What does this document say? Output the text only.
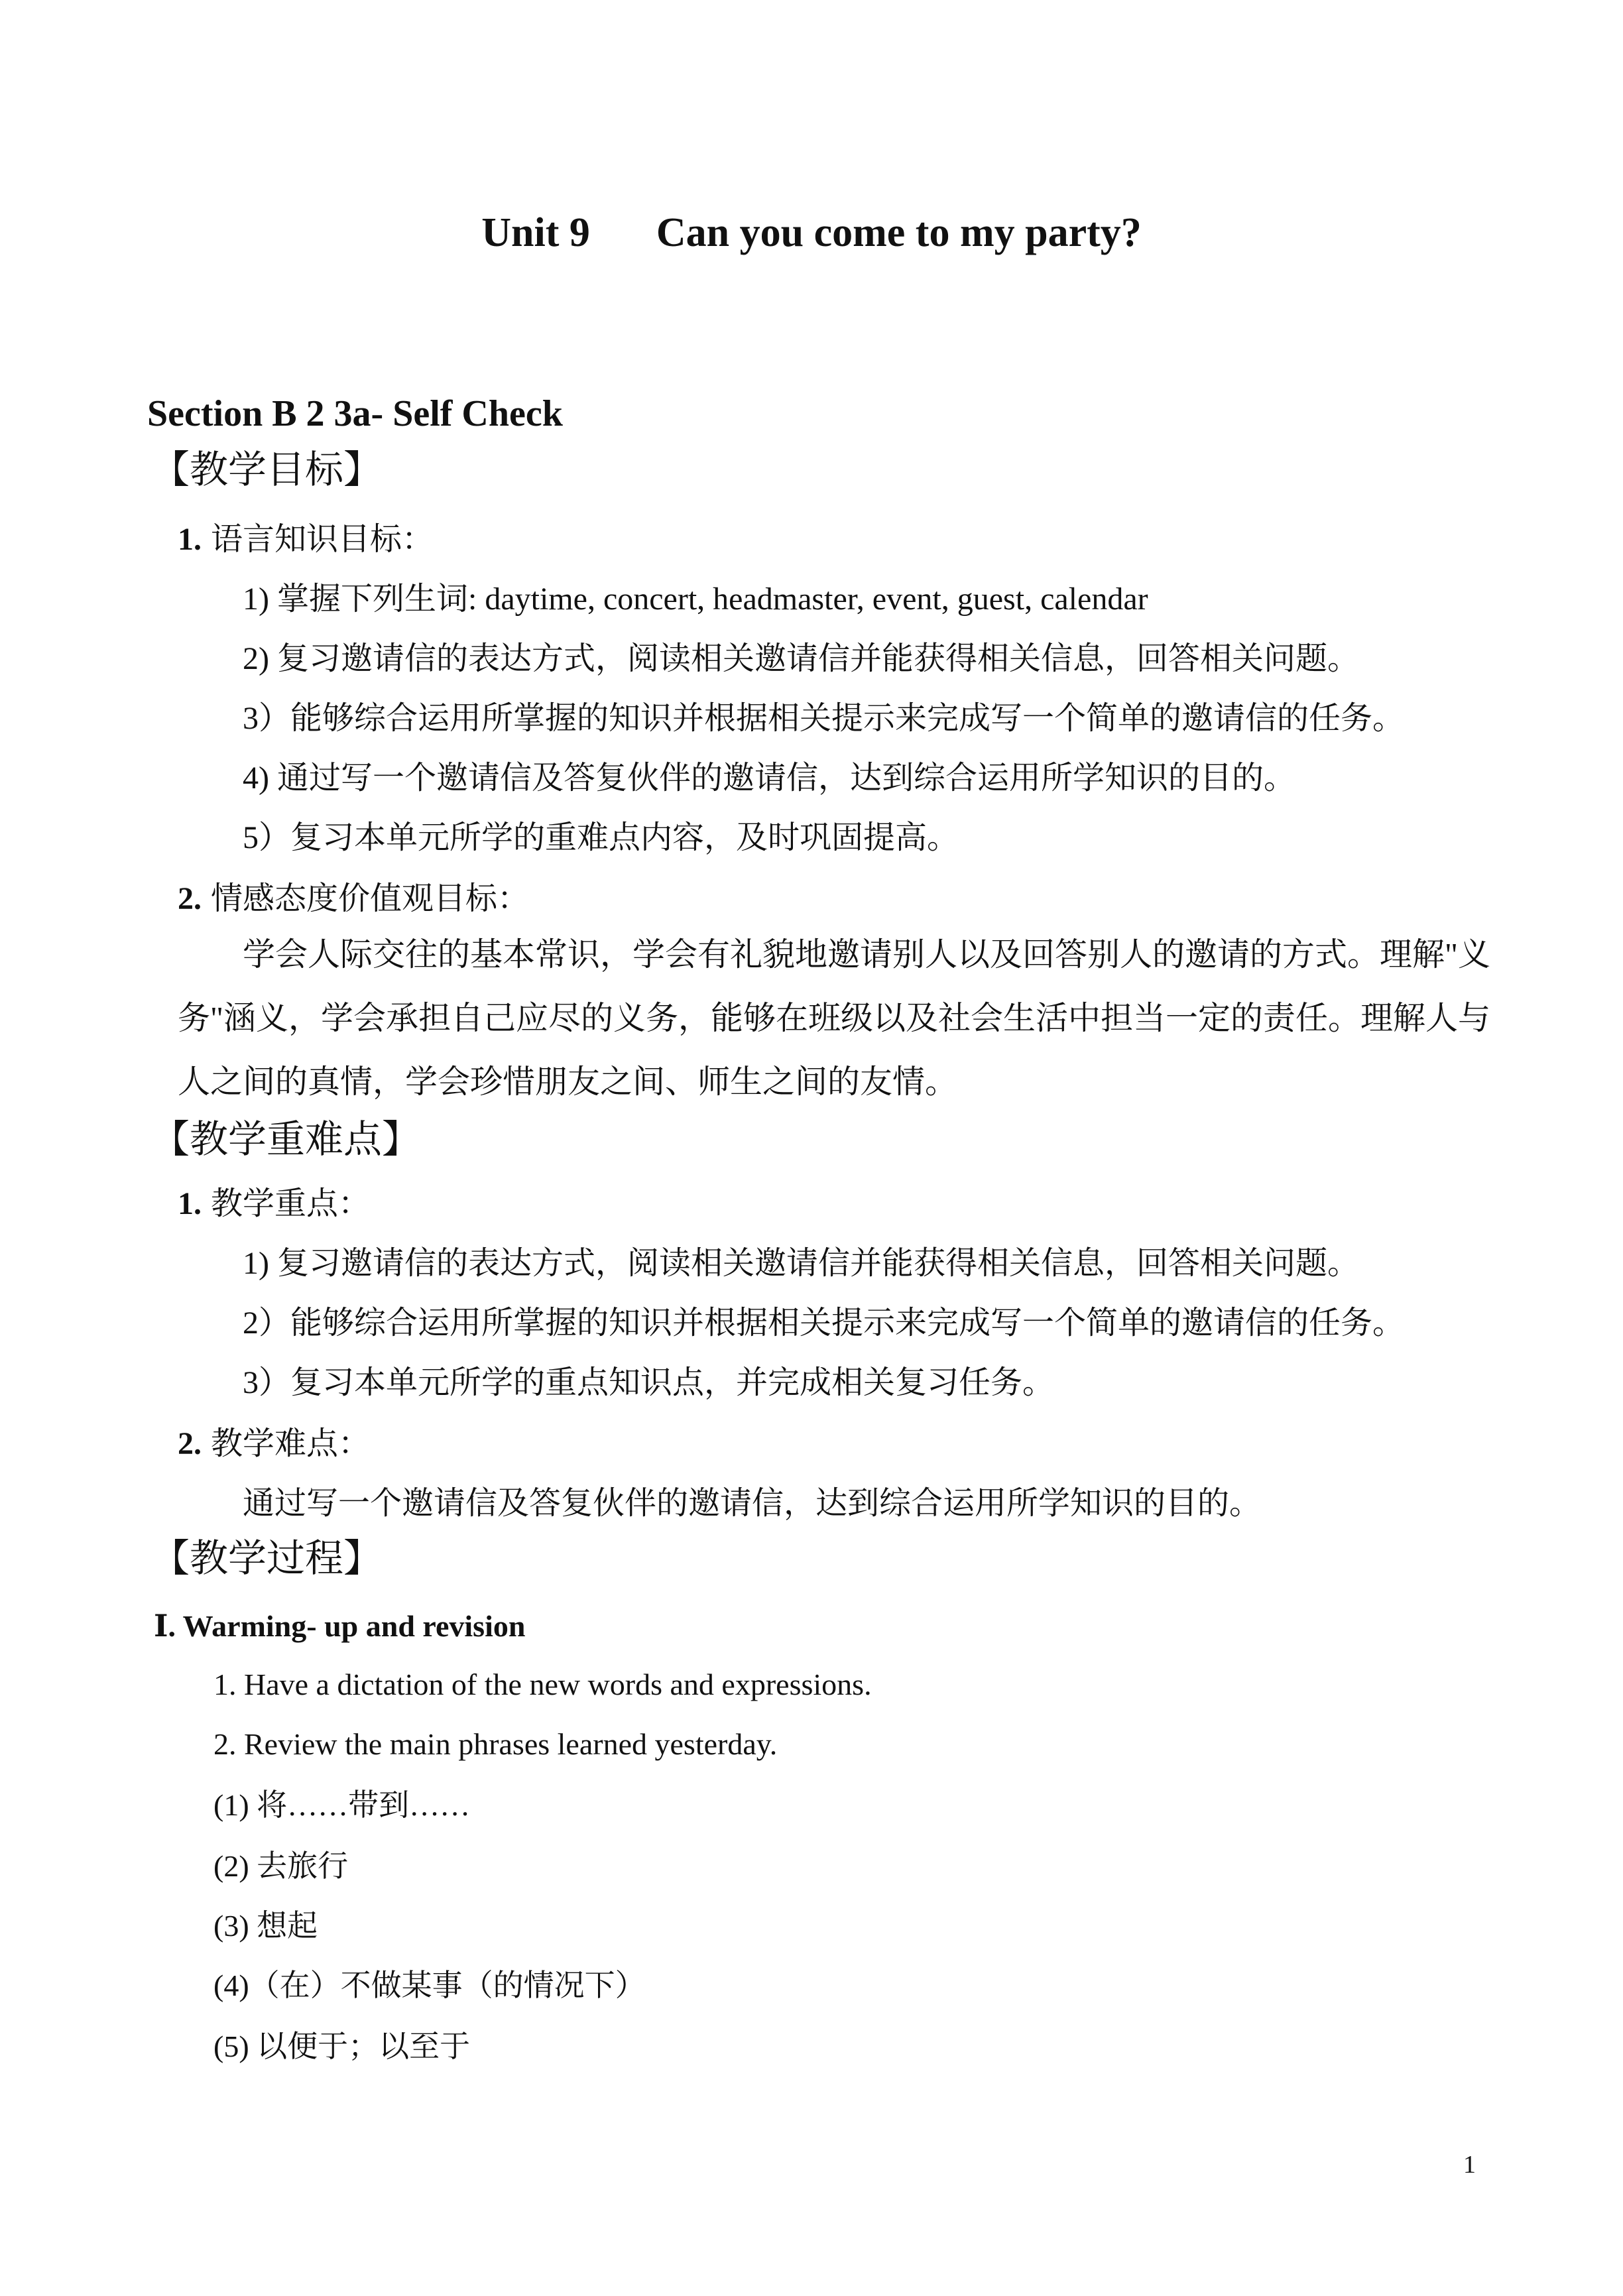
Unit 9 Can you come to my party?
Section B 2 3a- Self Check
【教学目标】
1. 语言知识目标：
1) 掌握下列生词: daytime, concert, headmaster, event, guest, calendar
2) 复习邀请信的表达方式，阅读相关邀请信并能获得相关信息，回答相关问题。
3）能够综合运用所掌握的知识并根据相关提示来完成写一个简单的邀请信的任务。
4) 通过写一个邀请信及答复伙伴的邀请信，达到综合运用所学知识的目的。
5）复习本单元所学的重难点内容，及时巩固提高。
2. 情感态度价值观目标：
学会人际交往的基本常识，学会有礼貌地邀请别人以及回答别人的邀请的方式。理解"义务"涵义，学会承担自己应尽的义务，能够在班级以及社会生活中担当一定的责任。理解人与人之间的真情，学会珍惜朋友之间、师生之间的友情。
【教学重难点】
1. 教学重点：
1) 复习邀请信的表达方式，阅读相关邀请信并能获得相关信息，回答相关问题。
2）能够综合运用所掌握的知识并根据相关提示来完成写一个简单的邀请信的任务。
3）复习本单元所学的重点知识点，并完成相关复习任务。
2. 教学难点：
通过写一个邀请信及答复伙伴的邀请信，达到综合运用所学知识的目的。
【教学过程】
Ⅰ. Warming- up and revision
1. Have a dictation of the new words and expressions.
2. Review the main phrases learned yesterday.
(1) 将……带到……
(2) 去旅行
(3) 想起
(4)（在）不做某事（的情况下）
(5) 以便于；以至于
1
